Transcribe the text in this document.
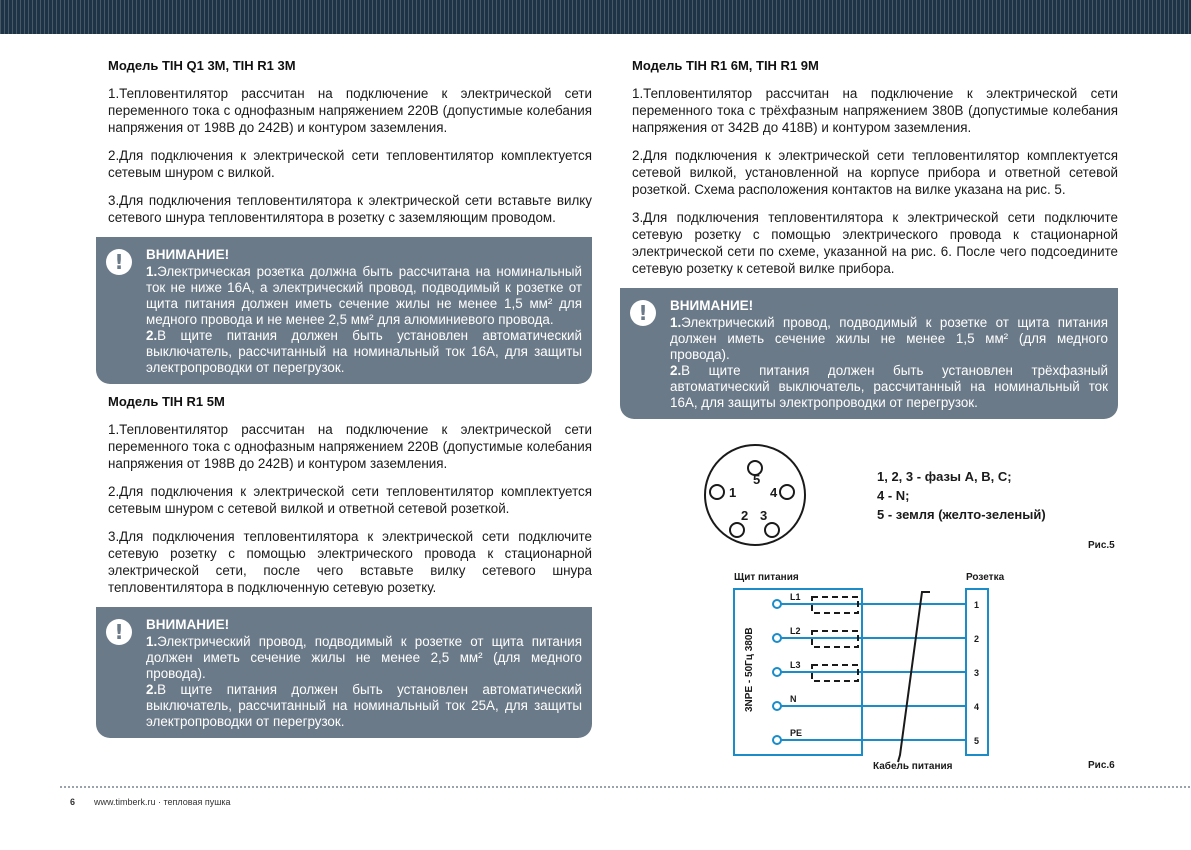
Модель TIH Q1 3M, TIH R1 3M

1.Тепловентилятор рассчитан на подключение к электрической сети переменного тока с однофазным напряжением 220В (допустимые колебания напряжения от 198В до 242В) и контуром заземления.

2.Для подключения к электрической сети тепловентилятор комплектуется сетевым шнуром с вилкой.

3.Для подключения тепловентилятора к электрической сети вставьте вилку сетевого шнура тепловентилятора в розетку с заземляющим проводом.

!	ВНИМАНИЕ!

1.Электрическая розетка должна быть рассчитана на номинальный ток не ниже 16А, а электрический провод, подводимый к розетке от щита питания должен иметь сечение жилы не менее 1,5 мм² для медного провода и не менее 2,5 мм² для алюминиевого провода.

2.В щите питания должен быть установлен автоматический выключатель, рассчитанный на номинальный ток 16А, для защиты электропроводки от перегрузок.

Модель TIH R1 5M

1.Тепловентилятор рассчитан на подключение к электрической сети переменного тока с однофазным напряжением 220В (допустимые колебания напряжения от 198В до 242В) и контуром заземления.

2.Для подключения к электрической сети тепловентилятор комплектуется сетевым шнуром с сетевой вилкой и ответной сетевой розеткой.

3.Для подключения тепловентилятора к электрической сети подключите сетевую розетку с помощью электрического провода к стационарной электрической сети, после чего вставьте вилку сетевого шнура тепловентилятора в подключенную сетевую розетку.

!	ВНИМАНИЕ!

1.Электрический провод, подводимый к розетке от щита питания должен иметь сечение жилы не менее 2,5 мм² (для медного провода).

2.В щите питания должен быть установлен автоматический выключатель, рассчитанный на номинальный ток 25А, для защиты электропроводки от перегрузок.

Модель TIH R1 6M, TIH R1 9M

1.Тепловентилятор рассчитан на подключение к электрической сети переменного тока с трёхфазным напряжением 380В (допустимые колебания напряжения от 342В до 418В) и контуром заземления.

2.Для подключения к электрической сети тепловентилятор комплектуется сетевой вилкой, установленной на корпусе прибора и ответной сетевой розеткой. Схема расположения контактов на вилке указана на рис. 5.

3.Для подключения тепловентилятора к электрической сети подключите сетевую розетку с помощью электрического провода к стационарной электрической сети по схеме, указанной на рис. 6. После чего подсоедините сетевую розетку к сетевой вилке прибора.

!	ВНИМАНИЕ!

1.Электрический провод, подводимый к розетке от щита питания должен иметь сечение жилы не менее 1,5 мм² (для медного провода).

2.В щите питания должен быть установлен трёхфазный автоматический выключатель, рассчитанный на номинальный ток 16А, для защиты электропроводки от перегрузок.

5
1	4
2 3
1, 2, 3 - фазы А, В, С;
4 - N;
5 - земля (желто-зеленый)
Рис.5
Щит питания	Розетка
3NPE - 50Гц 380В
L1
L2
L3
N
PE
1
2
3
4
5
Кабель питания	Рис.6
6 www.timberk.ru · тепловая пушка
